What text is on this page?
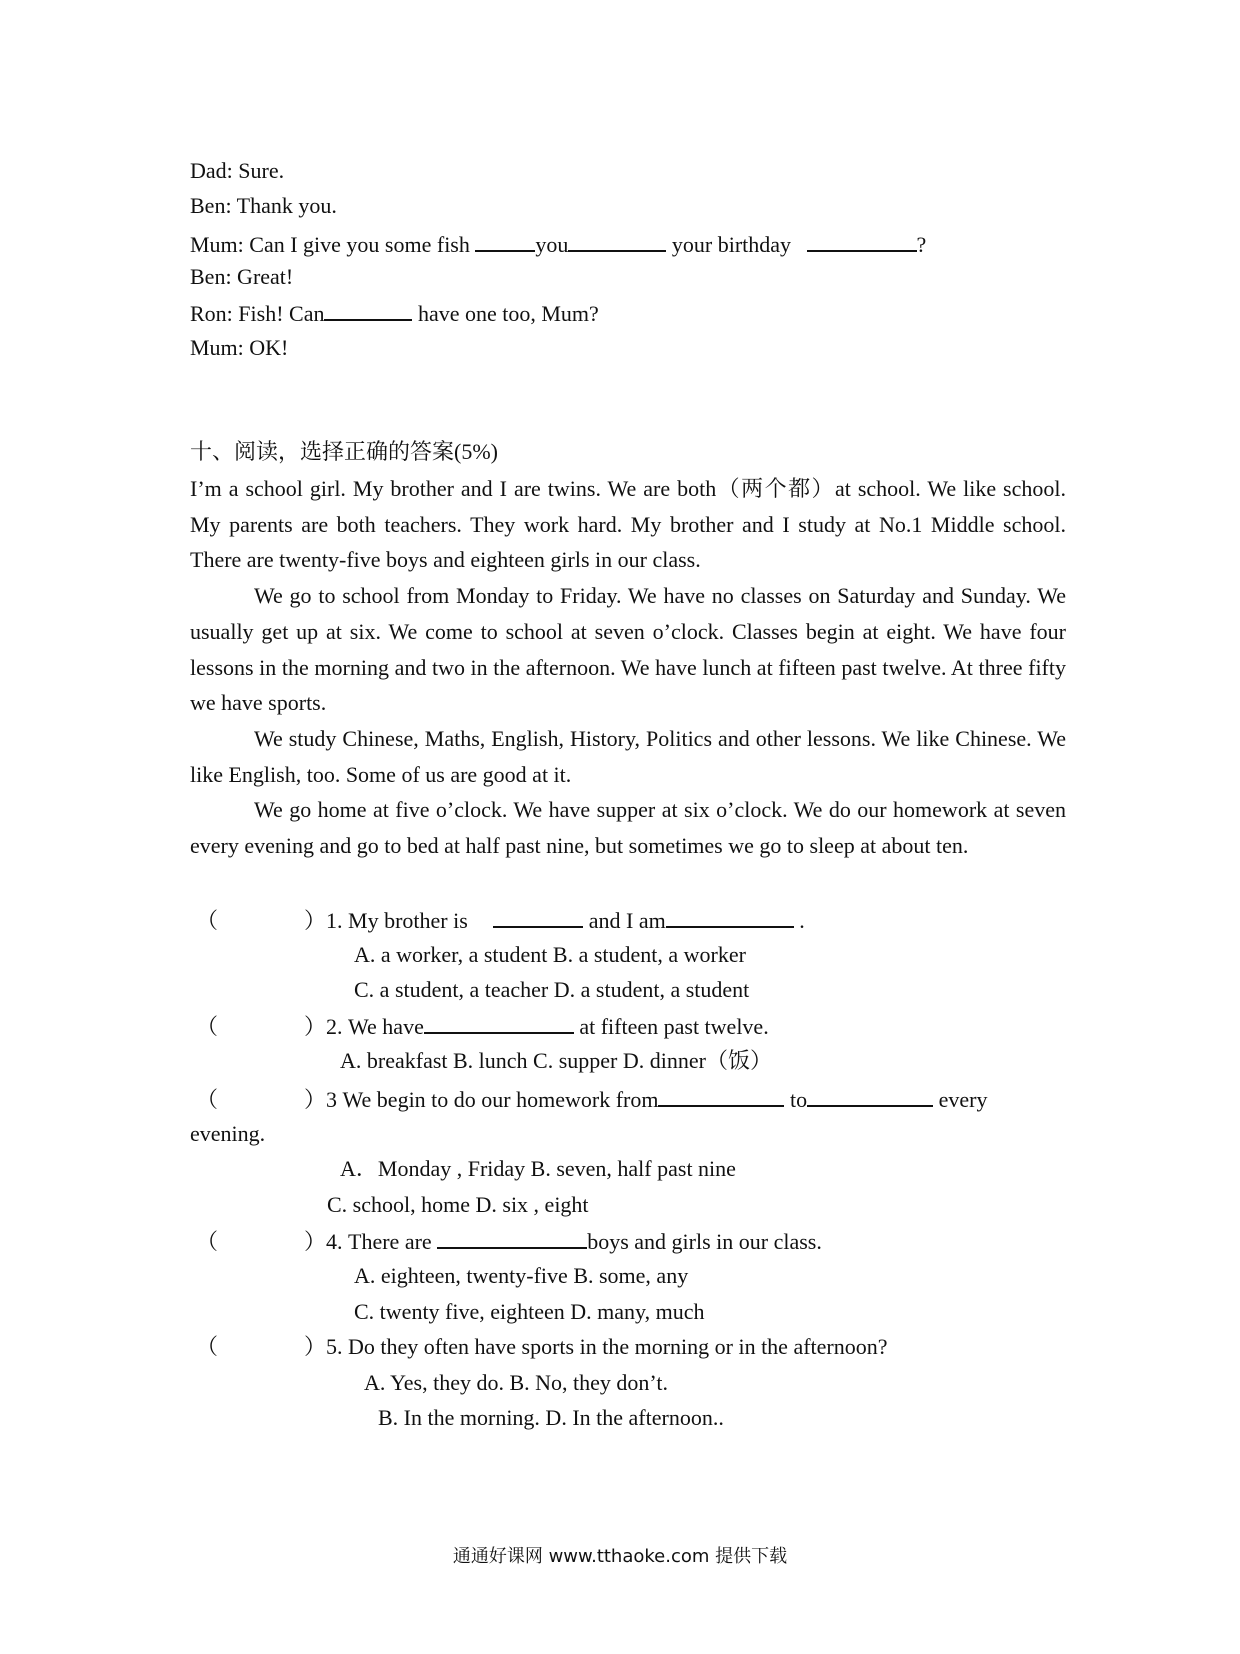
Dad: Sure.
Ben: Thank you.
Mum: Can I give you some fish	you	your birthday	?
Ben: Great!
Ron: Fish! Can	have one too, Mum?
Mum: OK!
十、阅读，选择正确的答案(5%)

I’m a school girl. My brother and I are twins. We are both（两个都）at school. We like school. My parents are both teachers. They work hard. My brother and I study at No.1 Middle school. There are twenty-five boys and eighteen girls in our class.

We go to school from Monday to Friday. We have no classes on Saturday and Sunday. We usually get up at six. We come to school at seven o’clock. Classes begin at eight. We have four lessons in the morning and two in the afternoon. We have lunch at fifteen past twelve. At three fifty we have sports.

We study Chinese, Maths, English, History, Politics and other lessons. We like Chinese. We like English, too. Some of us are good at it.

We go home at five o’clock. We have supper at six o’clock. We do our homework at seven every evening and go to bed at half past nine, but sometimes we go to sleep at about ten.

（	）1. My brother is	and I am	.
A. a worker, a student B. a student, a worker
C. a student, a teacher D. a student, a student
（	）2. We have	at fifteen past twelve.
A. breakfast B. lunch C. supper D. dinner（饭）
（	）3 We begin to do our homework from	to	every
evening.
A．Monday , Friday B. seven, half past nine
C. school, home D. six , eight
（	）4. There are	boys and girls in our class.
A. eighteen, twenty-five B. some, any
C. twenty five, eighteen D. many, much
（	）5. Do they often have sports in the morning or in the afternoon?
A. Yes, they do. B. No, they don’t.
B. In the morning. D. In the afternoon..
通通好课网 www.tthaoke.com 提供下载
